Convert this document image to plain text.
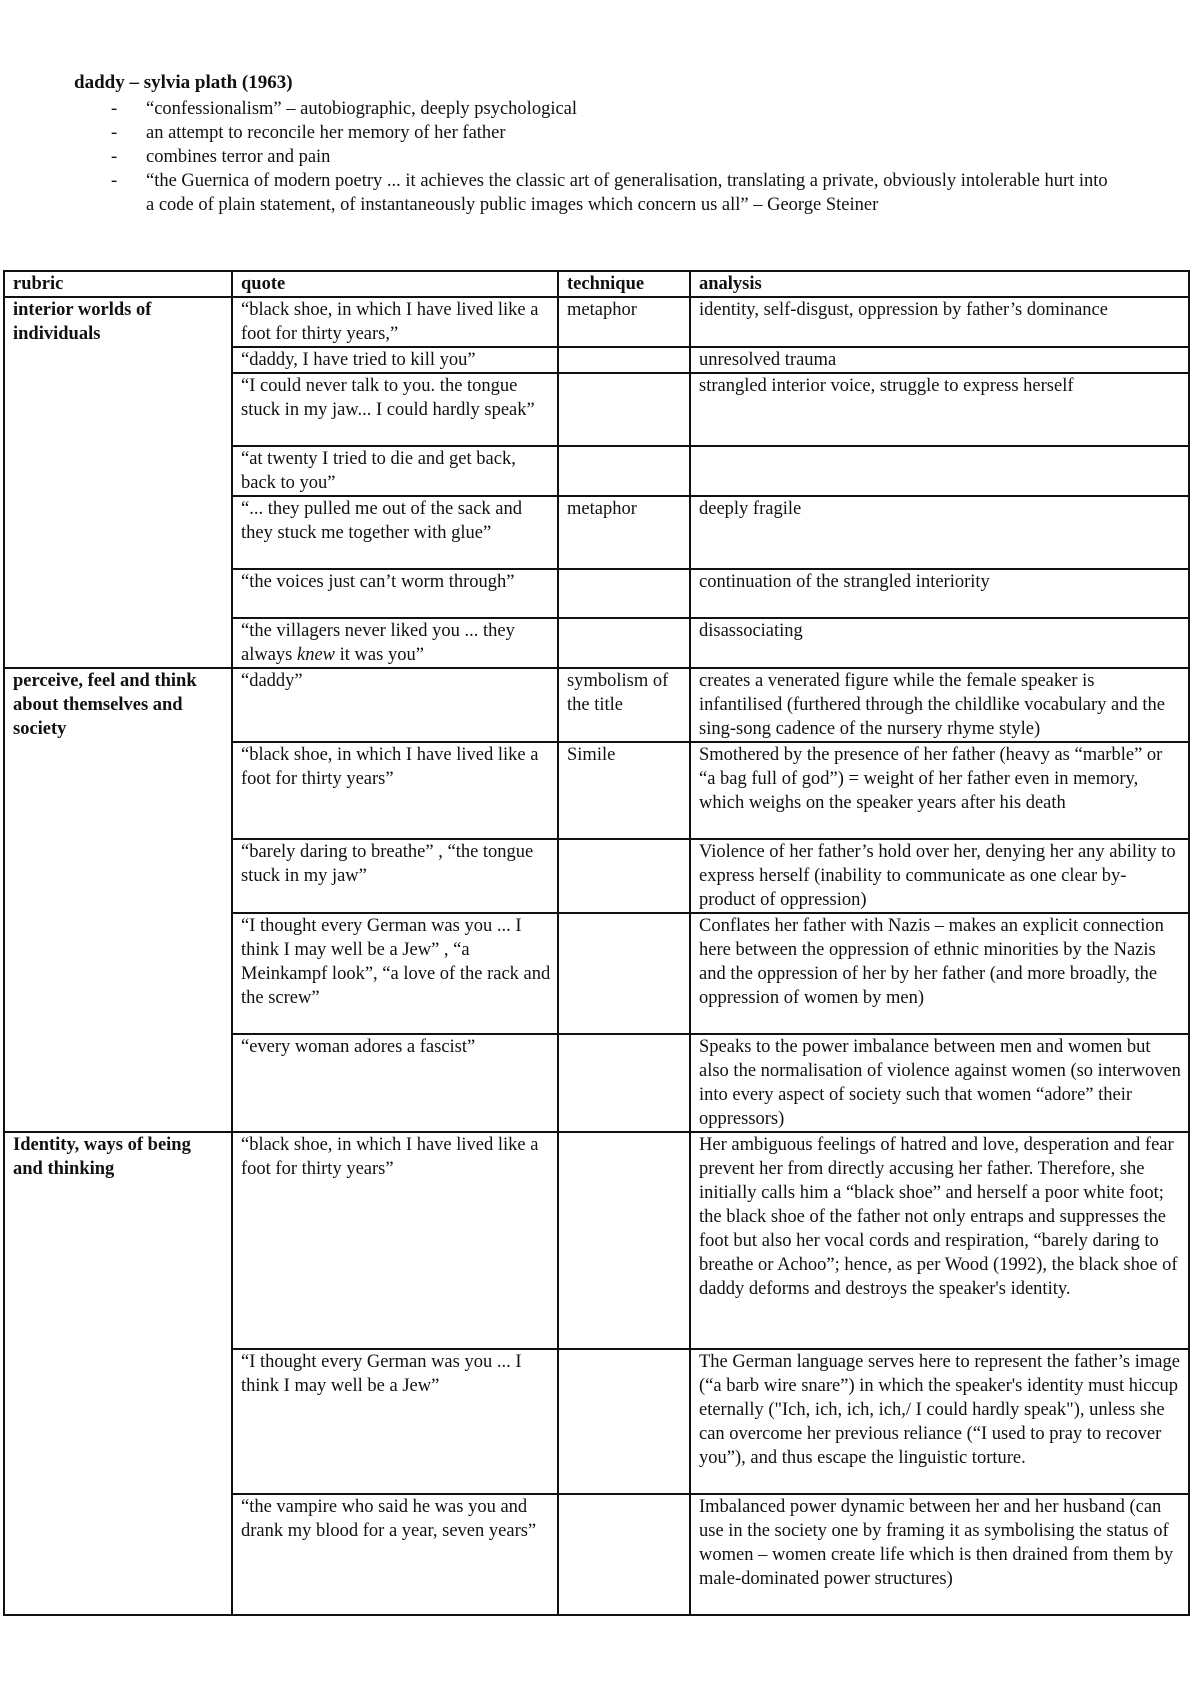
daddy – sylvia plath (1963)
- “confessionalism” – autobiographic, deeply psychological
- an attempt to reconcile her memory of her father
- combines terror and pain
- “the Guernica of modern poetry ... it achieves the classic art of generalisation, translating a private, obviously intolerable hurt into a code of plain statement, of instantaneously public images which concern us all” – George Steiner
rubric	quote	technique	analysis
interior worlds of individuals	“black shoe, in which I have lived like a foot for thirty years,”	metaphor	identity, self-disgust, oppression by father’s dominance
	“daddy, I have tried to kill you”		unresolved trauma
	“I could never talk to you. the tongue stuck in my jaw... I could hardly speak”		strangled interior voice, struggle to express herself
	“at twenty I tried to die and get back, back to you”		
	“... they pulled me out of the sack and they stuck me together with glue”	metaphor	deeply fragile
	“the voices just can’t worm through”		continuation of the strangled interiority
	“the villagers never liked you ... they always knew it was you”		disassociating
perceive, feel and think about themselves and society	“daddy”	symbolism of the title	creates a venerated figure while the female speaker is infantilised (furthered through the childlike vocabulary and the sing-song cadence of the nursery rhyme style)
	“black shoe, in which I have lived like a foot for thirty years”	Simile	Smothered by the presence of her father (heavy as “marble” or “a bag full of god”) = weight of her father even in memory, which weighs on the speaker years after his death
	“barely daring to breathe” , “the tongue stuck in my jaw”		Violence of her father’s hold over her, denying her any ability to express herself (inability to communicate as one clear by-product of oppression)
	“I thought every German was you ... I think I may well be a Jew” , “a Meinkampf look”, “a love of the rack and the screw”		Conflates her father with Nazis – makes an explicit connection here between the oppression of ethnic minorities by the Nazis and the oppression of her by her father (and more broadly, the oppression of women by men)
	“every woman adores a fascist”		Speaks to the power imbalance between men and women but also the normalisation of violence against women (so interwoven into every aspect of society such that women “adore” their oppressors)
Identity, ways of being and thinking	“black shoe, in which I have lived like a foot for thirty years”		Her ambiguous feelings of hatred and love, desperation and fear prevent her from directly accusing her father. Therefore, she initially calls him a “black shoe” and herself a poor white foot; the black shoe of the father not only entraps and suppresses the foot but also her vocal cords and respiration, “barely daring to breathe or Achoo”; hence, as per Wood (1992), the black shoe of daddy deforms and destroys the speaker's identity.
	“I thought every German was you ... I think I may well be a Jew”		The German language serves here to represent the father’s image (“a barb wire snare”) in which the speaker's identity must hiccup eternally ("Ich, ich, ich, ich,/ I could hardly speak"), unless she can overcome her previous reliance (“I used to pray to recover you”), and thus escape the linguistic torture.
	“the vampire who said he was you and drank my blood for a year, seven years”		Imbalanced power dynamic between her and her husband (can use in the society one by framing it as symbolising the status of women – women create life which is then drained from them by male-dominated power structures)
